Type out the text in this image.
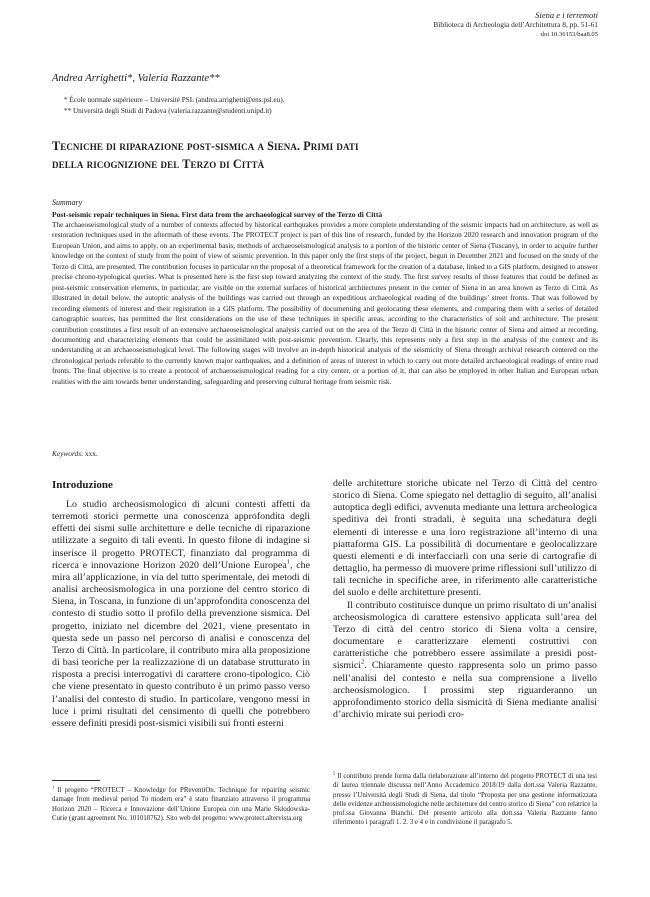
Siena e i terremoti
Biblioteca di Archeologia dell’Architettura 8, pp. 51-61
doi 10.36153/baa8.05
Andrea Arrighetti*, Valeria Razzante**
* École normale supérieure – Université PSL (andrea.arrighetti@ens.psl.eu).
** Università degli Studi di Padova (valeria.razzante@studenti.unipd.it)
Tecniche di riparazione post-sismica a Siena. Primi dati
della ricognizione del Terzo di Città
Summary
Post-seismic repair techniques in Siena. First data from the archaeological survey of the Terzo di Città
The archaeoseismological study of a number of contexts affected by historical earthquakes provides a more complete understanding of the seismic impacts had on architecture, as well as restoration techniques used in the aftermath of these events. The PROTECT project is part of this line of research, funded by the Horizon 2020 research and innovation program of the European Union, and aims to apply, on an experimental basis, methods of archaeoseismological analysis to a portion of the historic center of Siena (Tuscany), in order to acquire further knowledge on the context of study from the point of view of seismic prevention. In this paper only the first steps of the project, begun in December 2021 and focused on the study of the Terzo di Città, are presented. The contribution focuses in particular on the proposal of a theoretical framework for the creation of a database, linked to a GIS platform, designed to answer precise chrono-typological queries. What is presented here is the first step toward analyzing the context of the study. The first survey results of those features that could be defined as post-seismic conservation elements, in particular, are visible on the external surfaces of historical architectures present in the center of Siena in an area known as Terzo di Città. As illustrated in detail below, the autoptic analysis of the buildings was carried out through an expeditious archaeological reading of the buildings’ street fronts. That was followed by recording elements of interest and their registration in a GIS platform. The possibility of documenting and geolocating these elements, and comparing them with a series of detailed cartographic sources, has permitted the first considerations on the use of these techniques in specific areas, according to the characteristics of soil and architecture. The present contribution constitutes a first result of an extensive archaeoseismological analysis carried out on the area of the Terzo di Città in the historic center of Siena and aimed at recording, documenting and characterizing elements that could be assimilated with post-seismic prevention. Clearly, this represents only a first step in the analysis of the context and its understanding at an archaeoseismological level. The following stages will involve an in-depth historical analysis of the seismicity of Siena through archival research centered on the chronological periods referable to the currently known major earthquakes, and a definition of areas of interest in which to carry out more detailed archaeological readings of entire road fronts. The final objective is to create a protocol of archaeoseismological reading for a city center, or a portion of it, that can also be employed in other Italian and European urban realities with the aim towards better understanding, safeguarding and preserving cultural heritage from seismic risk.
Keywords: xxx.
Introduzione

Lo studio archeosismologico di alcuni contesti affetti da terremoti storici permette una conoscenza approfondita degli effetti dei sismi sulle architetture e delle tecniche di riparazione utilizzate a seguito di tali eventi. In questo filone di indagine si inserisce il progetto PROTECT, finanziato dal programma di ricerca e innovazione Horizon 2020 dell’Unione Europea$^1$, che mira all’applicazione, in via del tutto sperimentale, dei metodi di analisi archeosismologica in una porzione del centro storico di Siena, in Toscana, in funzione di un’approfondita conoscenza del contesto di studio sotto il profilo della prevenzione sismica. Del progetto, iniziato nel dicembre del 2021, viene presentato in questa sede un passo nel percorso di analisi e conoscenza del Terzo di Città. In particolare, il contributo mira alla proposizione di basi teoriche per la realizzazione di un database strutturato in risposta a precisi interrogativi di carattere crono-tipologico. Ciò che viene presentato in questo contributo è un primo passo verso l’analisi del contesto di studio. In particolare, vengono messi in luce i primi risultati del censimento di quelli che potrebbero essere definiti presidi post-sismici visibili sui fronti esterni

delle architetture storiche ubicate nel Terzo di Città del centro storico di Siena. Come spiegato nel dettaglio di seguito, all’analisi autoptica degli edifici, avvenuta mediante una lettura archeologica speditiva dei fronti stradali, è seguita una schedatura degli elementi di interesse e una loro registrazione all’interno di una piattaforma GIS. La possibilità di documentare e geolocalizzare questi elementi e di interfacciarli con una serie di cartografie di dettaglio, ha permesso di muovere prime riflessioni sull’utilizzo di tali tecniche in specifiche aree, in riferimento alle caratteristiche del suolo e delle architetture presenti.

Il contributo costituisce dunque un primo risultato di un’analisi archeosismologica di carattere estensivo applicata sull’area del Terzo di città del centro storico di Siena volta a censire, documentare e caratterizzare elementi costruttivi con caratteristiche che potrebbero essere assimilate a presidi post-sismici$^2$. Chiaramente questo rappresenta solo un primo passo nell’analisi del contesto e nella sua comprensione a livello archeosismologico. I prossimi step riguarderanno un approfondimento storico della sismicità di Siena mediante analisi d’archivio mirate sui periodi cro-

$^1$ Il progetto “PROTECT – Knowledge for PReventiOn. Technique for repairing seismic damage from medieval period To modern era” è stato finanziato attraverso il programma Horizon 2020 – Ricerca e Innovazione dell’Unione Europea con una Marie Skłodowska-Curie (grant agreement No. 101018762). Sito web del progetto: www.protect.altervista.org
$^2$ Il contributo prende forma dalla rielaborazione all’interno del progetto PROTECT di una tesi di laurea triennale discussa nell’Anno Accademico 2018/19 dalla dott.ssa Valeria Razzante, presso l’Università degli Studi di Siena, dal titolo “Proposta per una gestione informatizzata delle evidenze archeosismologiche nelle architetture del centro storico di Siena” con relatrice la prof.ssa Giovanna Bianchi. Del presente articolo alla dott.ssa Valeria Razzante fanno riferimento i paragrafi 1. 2. 3 e 4 e in condivisione il paragrafo 5.
